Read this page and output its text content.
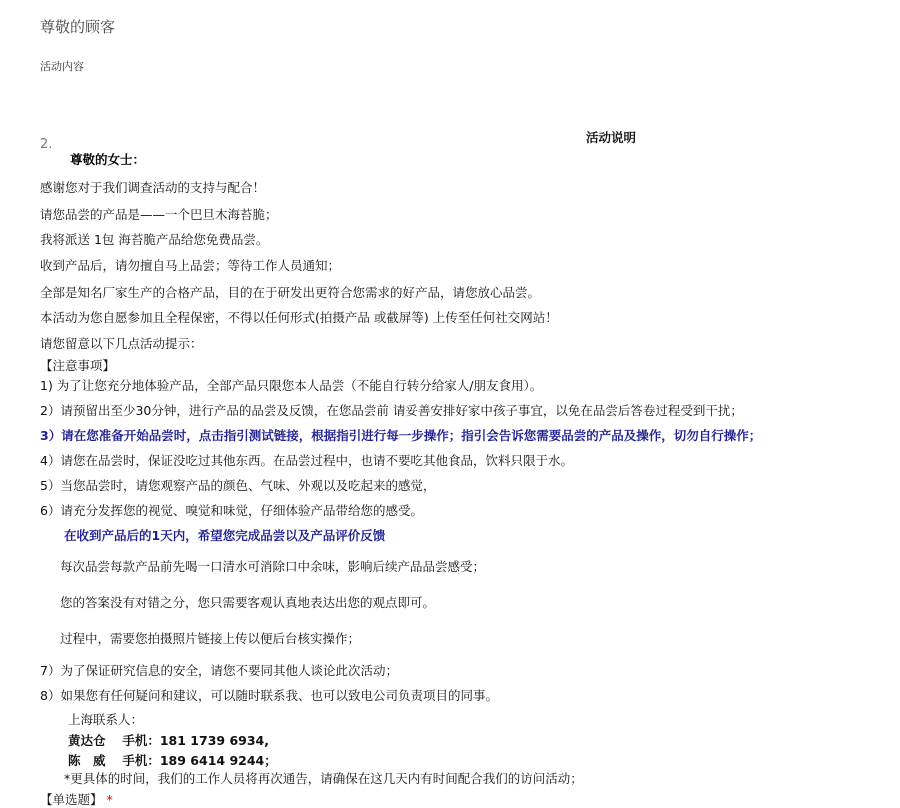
尊敬的顾客
活动内容
2.	活动说明
尊敬的女士：
感谢您对于我们调查活动的支持与配合！
请您品尝的产品是——一个巴旦木海苔脆；
我将派送 1包 海苔脆产品给您免费品尝。
收到产品后，请勿擅自马上品尝；等待工作人员通知；
全部是知名厂家生产的合格产品，目的在于研发出更符合您需求的好产品，请您放心品尝。
本活动为您自愿参加且全程保密，不得以任何形式(拍摄产品 或截屏等) 上传至任何社交网站！
请您留意以下几点活动提示：
【注意事项】
1) 为了让您充分地体验产品，全部产品只限您本人品尝（不能自行转分给家人/朋友食用）。
2）请预留出至少30分钟，进行产品的品尝及反馈，在您品尝前 请妥善安排好家中孩子事宜，以免在品尝后答卷过程受到干扰；
3）请在您准备开始品尝时，点击指引测试链接，根据指引进行每一步操作；指引会告诉您需要品尝的产品及操作，切勿自行操作；
4）请您在品尝时，保证没吃过其他东西。在品尝过程中，也请不要吃其他食品，饮料只限于水。
5）当您品尝时，请您观察产品的颜色、气味、外观以及吃起来的感觉，
6）请充分发挥您的视觉、嗅觉和味觉，仔细体验产品带给您的感受。
在收到产品后的1天内，希望您完成品尝以及产品评价反馈
每次品尝每款产品前先喝一口清水可消除口中余味，影响后续产品品尝感受；
您的答案没有对错之分，您只需要客观认真地表达出您的观点即可。
过程中，需要您拍摄照片链接上传以便后台核实操作；
7）为了保证研究信息的安全，请您不要同其他人谈论此次活动；
8）如果您有任何疑问和建议，可以随时联系我、也可以致电公司负责项目的同事。
上海联系人：
黄达仓　 手机：181 1739 6934,
陈　威　 手机：189 6414 9244；
*更具体的时间，我们的工作人员将再次通告，请确保在这几天内有时间配合我们的访问活动；
【单选题】 *
